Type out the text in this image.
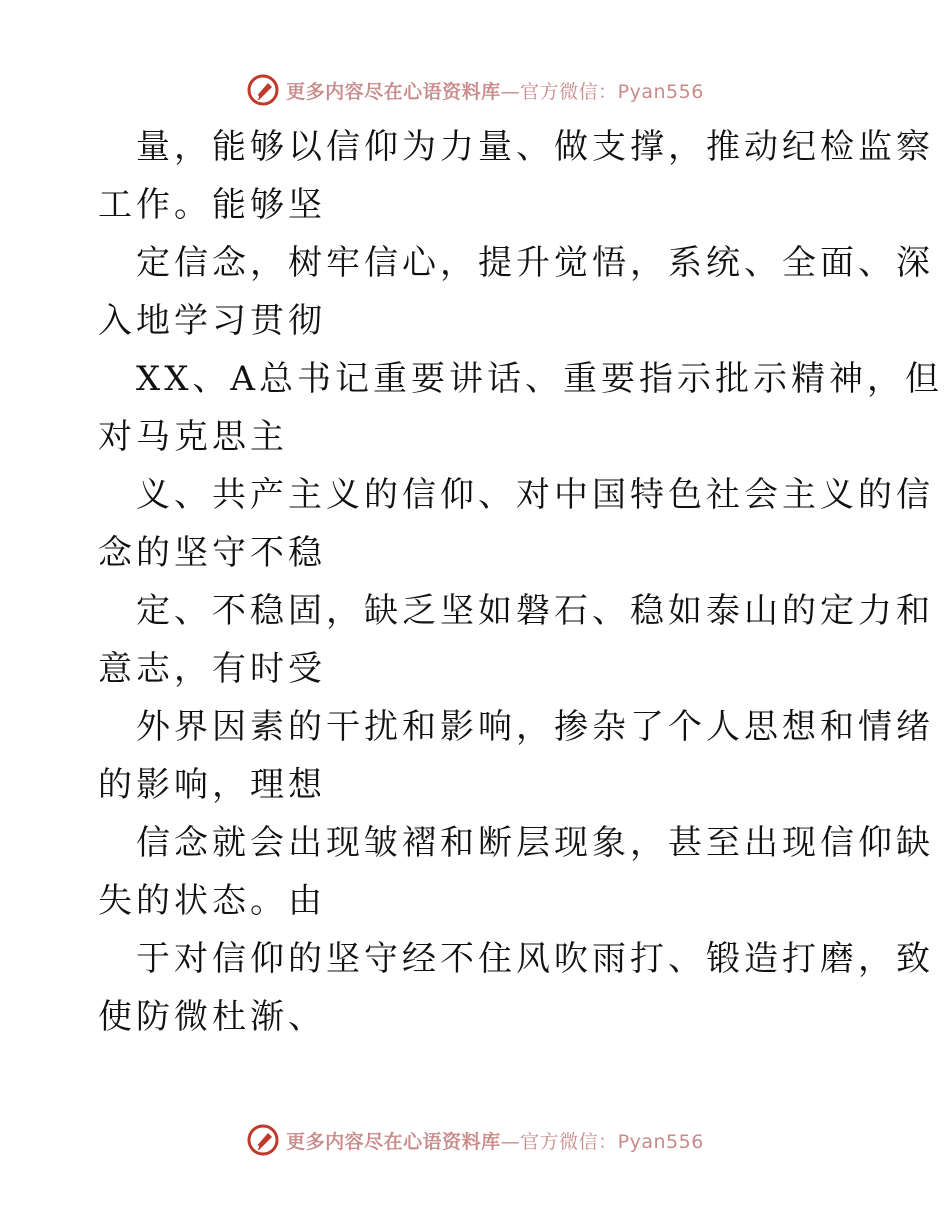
更多内容尽在心语资料库—官方微信：Pyan556

量，能够以信仰为力量、做支撑，推动纪检监察
工作。能够坚

定信念，树牢信心，提升觉悟，系统、全面、深
入地学习贯彻

XX、A总书记重要讲话、重要指示批示精神，但
对马克思主

义、共产主义的信仰、对中国特色社会主义的信
念的坚守不稳

定、不稳固，缺乏坚如磐石、稳如泰山的定力和
意志，有时受

外界因素的干扰和影响，掺杂了个人思想和情绪
的影响，理想

信念就会出现皱褶和断层现象，甚至出现信仰缺
失的状态。由

于对信仰的坚守经不住风吹雨打、锻造打磨，致
使防微杜渐、

更多内容尽在心语资料库—官方微信：Pyan556
